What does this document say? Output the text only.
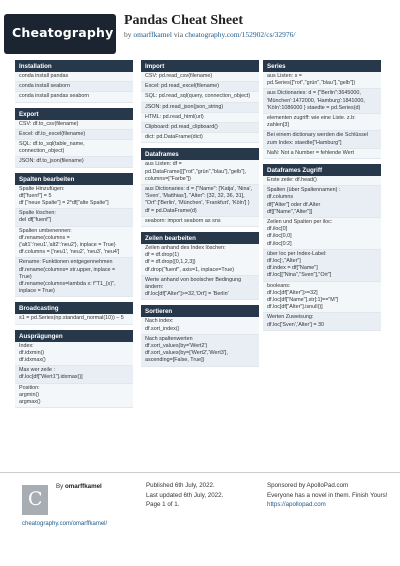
Cheatography
Pandas Cheat Sheet
by omarffkamel via cheatography.com/152902/cs/32976/
Installation
conda install pandas
conda install seaborn
conda install pandas seaborn
Export
CSV: df.to_csv(filename)
Excel: df.to_excel(filename)
SQL: df.to_sql(table_name, connection_object)
JSON: df.to_json(filename)
Spalten bearbeiten
Spalte Hinzufügen:
df["fuenf"] = 5
df ["neue Spalte"] = 2*df["alte Spalte"]
Spalte löschen:
del df["fuenf"]
Spalten umbenennen:
df.rename(columns = {'alt1':'neu1','alt2':'neu2'}, inplace = True)
df.columns = ['neu1', 'neu2', 'neu3', 'neu4']
Rename: Funktionen entgegennehmen
df.rename(columns= str.upper, inplace = True)
df.rename(columns=lambda x: f"T1_{x}", inplace = True)
Broadcasting
s1 = pd.Series(np.standard_normal(10)) – 5
Ausprägungen
Index:
df.idxmin()
df.idxmax()
Max wer zeile :
df.loc[df["Wert1"].idxmax()]
Position:
argmin()
argmax()
Import
CSV: pd.read_csv(filename)
Excel: pd.read_excel(filename)
SQL: pd.read_sql(query, connection_object)
JSON: pd.read_json(json_string)
HTML: pd.read_html(url)
Clipboard: pd.read_clipboard()
dict: pd.DataFrame(dict)
Dataframes
aus Listen: df = pd.DataFrame([["rot","grün","blau"],"gelb"], columns=["Farbe"])
aus Dictionaries: d = {"Name": ['Katja', 'Nina', 'Sven', 'Matthias'], "Alter": [32, 32, 36, 31], "Ort":['Berlin', 'München', 'Frankfurt', 'Köln'] }
df = pd.DataFrame(d)
seaborn: import seaborn as sns
Zeilen bearbeiten
Zeilen anhand des Index löschen:
df = df.drop(1)
df = df.drop([0,1,2,3])
df.drop("fuenf", axis=1, inplace=True)
Werte anhand von boolscher Bedingung ändern:
df.loc[df["Alter"]>=32,'Ort'] = 'Berlin'
Sortieren
Nach index:
df.sort_index()
Nach spaltenwerten
df.sort_values(by='Wert2')
df.sort_values(by=['Wert2','Wert3'], ascending=[False, True])
Series
aus Listen: s = pd.Series(["rot","grün","blau"],"gelb"])
aus Dictionaries: d = {"Berlin":3645000, 'München':1472000, 'Hamburg':1841000, 'Köln':1086000 } staedte = pd.Series(d)
elementen zugriff: wie eine Liste. z.b: zahlen[3]
Bei einem dictionary werden die Schlüssel zum Index: staedte["Hamburg"]
NaN: Not a Number = fehlende Wert
Dataframes Zugriff
Erste zeile: df.head()
Spalten (über Spaltennamen) :
df.columns
df["Alter"] oder df.Alter
df[["Name","Alter"]]
Zeilen und Spalten per iloc:
df.iloc[0]
df.iloc[0,0]
df.iloc[0:2]
über loc per Index-Label:
df.loc[:,"Alter"]
df.index = df["Name"]
df.loc[["Nina","Sven"],"Ort"]
booleans:
df.loc[df["Alter"]>=32]
df.loc[df["Name"].str[:1]=="M"]
df.loc[df["Alter"].isnull()]
Werten Zuweisung:
df.loc['Sven','Alter'] = 30
C
By omarffkamel
cheatography.com/omarffkamel/
Published 6th July, 2022.
Last updated 6th July, 2022.
Page 1 of 1.
Sponsored by ApolloPad.com
Everyone has a novel in them. Finish Yours!
https://apollopad.com
